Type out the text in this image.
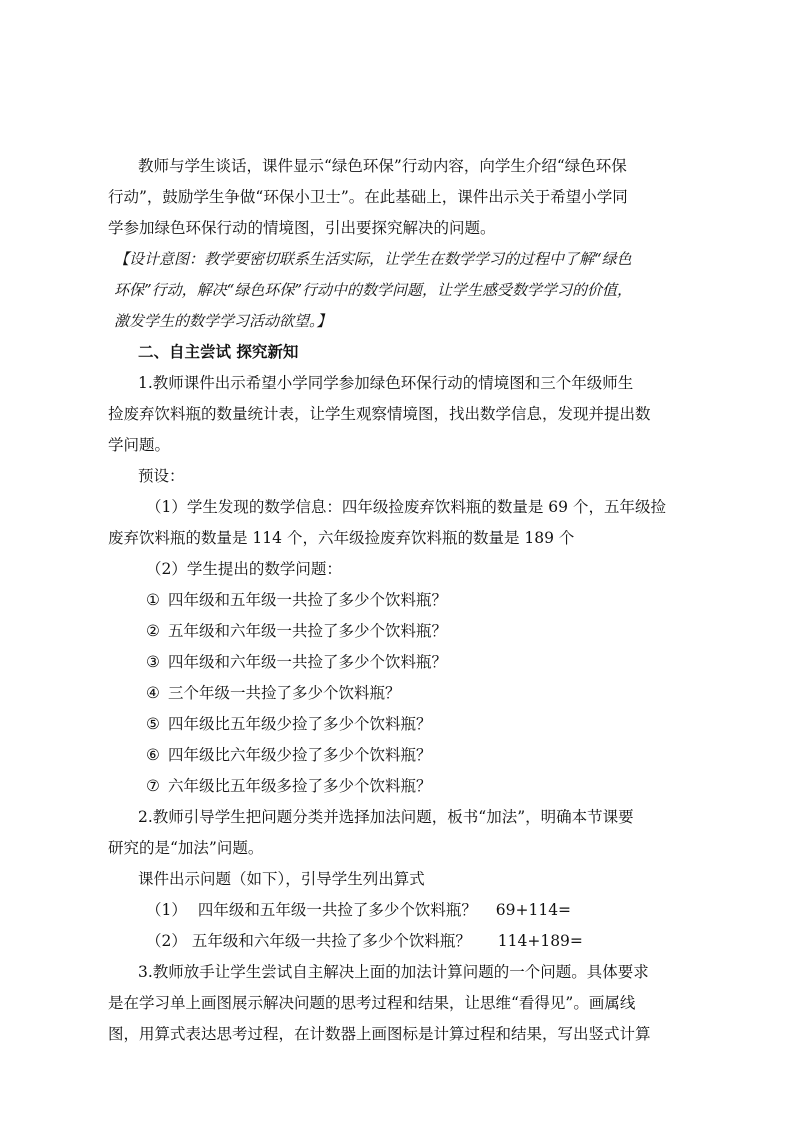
教师与学生谈话，课件显示“绿色环保”行动内容，向学生介绍“绿色环保
行动”，鼓励学生争做“环保小卫士”。在此基础上，课件出示关于希望小学同
学参加绿色环保行动的情境图，引出要探究解决的问题。
【设计意图：教学要密切联系生活实际，让学生在数学学习的过程中了解“绿色
环保”行动，解决“绿色环保”行动中的数学问题，让学生感受数学学习的价值，
激发学生的数学学习活动欲望。】
二、自主尝试 探究新知
1.教师课件出示希望小学同学参加绿色环保行动的情境图和三个年级师生
捡废弃饮料瓶的数量统计表，让学生观察情境图，找出数学信息，发现并提出数
学问题。
预设：
（1）学生发现的数学信息：四年级捡废弃饮料瓶的数量是 69 个，五年级捡
废弃饮料瓶的数量是 114 个，六年级捡废弃饮料瓶的数量是 189 个
（2）学生提出的数学问题：
① 四年级和五年级一共捡了多少个饮料瓶？
② 五年级和六年级一共捡了多少个饮料瓶？
③ 四年级和六年级一共捡了多少个饮料瓶？
④ 三个年级一共捡了多少个饮料瓶？
⑤ 四年级比五年级少捡了多少个饮料瓶？
⑥ 四年级比六年级少捡了多少个饮料瓶？
⑦ 六年级比五年级多捡了多少个饮料瓶？
2.教师引导学生把问题分类并选择加法问题，板书“加法”，明确本节课要
研究的是“加法”问题。
课件出示问题（如下），引导学生列出算式
（1） 四年级和五年级一共捡了多少个饮料瓶？ 69+114=
（2） 五年级和六年级一共捡了多少个饮料瓶？ 114+189=
3.教师放手让学生尝试自主解决上面的加法计算问题的一个问题。具体要求
是在学习单上画图展示解决问题的思考过程和结果，让思维“看得见”。画属线
图，用算式表达思考过程，在计数器上画图标是计算过程和结果，写出竖式计算
